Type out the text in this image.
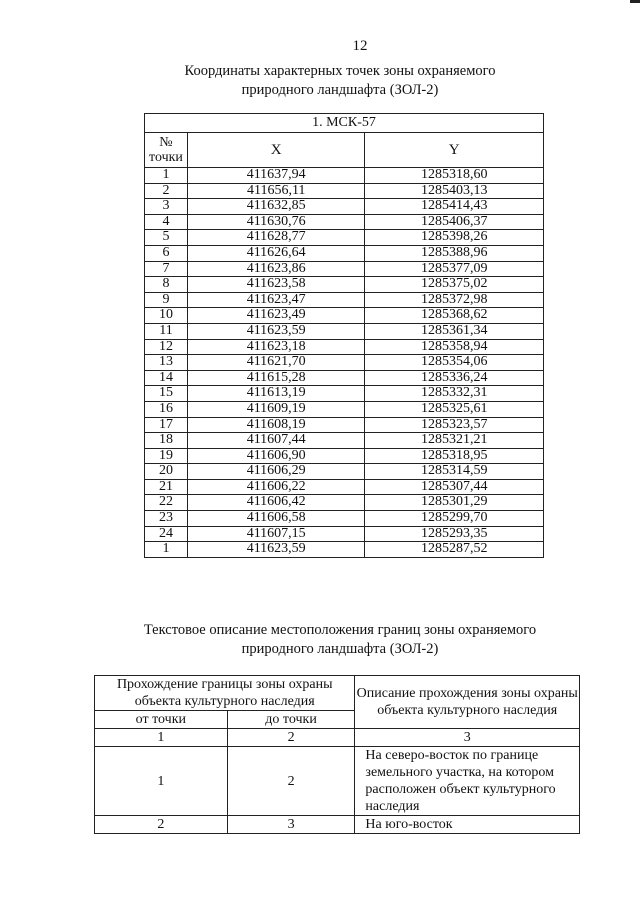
12
Координаты характерных точек зоны охраняемого
природного ландшафта (ЗОЛ-2)
1. МСК-57		
№ точки	X	Y
1	411637,94	1285318,60
2	411656,11	1285403,13
3	411632,85	1285414,43
4	411630,76	1285406,37
5	411628,77	1285398,26
6	411626,64	1285388,96
7	411623,86	1285377,09
8	411623,58	1285375,02
9	411623,47	1285372,98
10	411623,49	1285368,62
11	411623,59	1285361,34
12	411623,18	1285358,94
13	411621,70	1285354,06
14	411615,28	1285336,24
15	411613,19	1285332,31
16	411609,19	1285325,61
17	411608,19	1285323,57
18	411607,44	1285321,21
19	411606,90	1285318,95
20	411606,29	1285314,59
21	411606,22	1285307,44
22	411606,42	1285301,29
23	411606,58	1285299,70
24	411607,15	1285293,35
1	411623,59	1285287,52
Текстовое описание местоположения границ зоны охраняемого
природного ландшафта (ЗОЛ-2)
Прохождение границы зоны охраны объекта культурного наследия		Описание прохождения зоны охраны объекта культурного наследия
от точки	до точки	
1	2	3
1	2	На северо-восток по границе земельного участка, на котором расположен объект культурного наследия
2	3	На юго-восток
